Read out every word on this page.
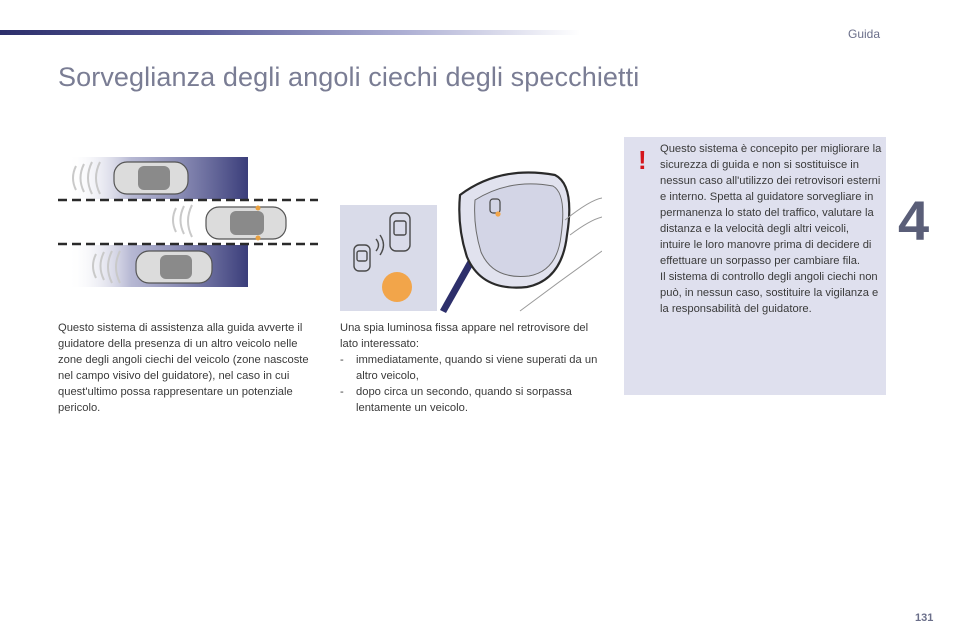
Guida
Sorveglianza degli angoli ciechi degli specchietti
4

Questo sistema di assistenza alla guida avverte il guidatore della presenza di un altro veicolo nelle zone degli angoli ciechi del veicolo (zone nascoste nel campo visivo del guidatore), nel caso in cui quest'ultimo possa rappresentare un potenziale pericolo.

Una spia luminosa fissa appare nel retrovisore del lato interessato:
- immediatamente, quando si viene superati da un altro veicolo,
- dopo circa un secondo, quando si sorpassa lentamente un veicolo.
! Questo sistema è concepito per migliorare la sicurezza di guida e non si sostituisce in nessun caso all'utilizzo dei retrovisori esterni e interno. Spetta al guidatore sorvegliare in permanenza lo stato del traffico, valutare la distanza e la velocità degli altri veicoli, intuire le loro manovre prima di decidere di effettuare un sorpasso per cambiare fila.

Il sistema di controllo degli angoli ciechi non può, in nessun caso, sostituire la vigilanza e la responsabilità del guidatore.

131
